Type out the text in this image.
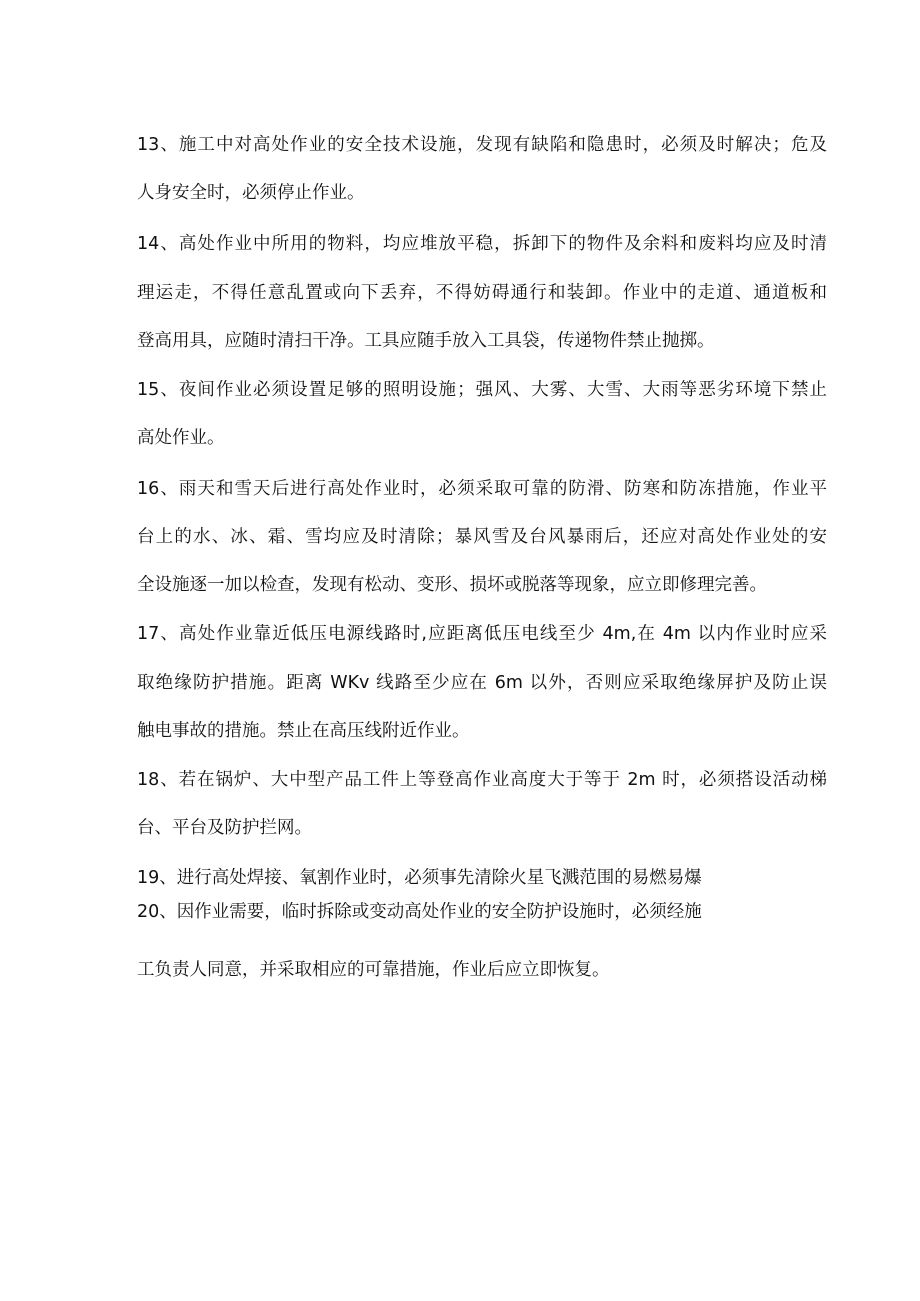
13、施工中对高处作业的安全技术设施，发现有缺陷和隐患时，必须及时解决；危及
人身安全时，必须停止作业。
14、高处作业中所用的物料，均应堆放平稳，拆卸下的物件及余料和废料均应及时清
理运走，不得任意乱置或向下丢弃，不得妨碍通行和装卸。作业中的走道、通道板和
登高用具，应随时清扫干净。工具应随手放入工具袋，传递物件禁止抛掷。
15、夜间作业必须设置足够的照明设施；强风、大雾、大雪、大雨等恶劣环境下禁止
高处作业。
16、雨天和雪天后进行高处作业时，必须采取可靠的防滑、防寒和防冻措施，作业平
台上的水、冰、霜、雪均应及时清除；暴风雪及台风暴雨后，还应对高处作业处的安
全设施逐一加以检查，发现有松动、变形、损坏或脱落等现象，应立即修理完善。
17、高处作业靠近低压电源线路时,应距离低压电线至少 4m,在 4m 以内作业时应采
取绝缘防护措施。距离 WKv 线路至少应在 6m 以外，否则应采取绝缘屏护及防止误
触电事故的措施。禁止在高压线附近作业。
18、若在锅炉、大中型产品工件上等登高作业高度大于等于 2m 时，必须搭设活动梯
台、平台及防护拦网。
19、进行高处焊接、氧割作业时，必须事先清除火星飞溅范围的易燃易爆
20、因作业需要，临时拆除或变动高处作业的安全防护设施时，必须经施
工负责人同意，并采取相应的可靠措施，作业后应立即恢复。
